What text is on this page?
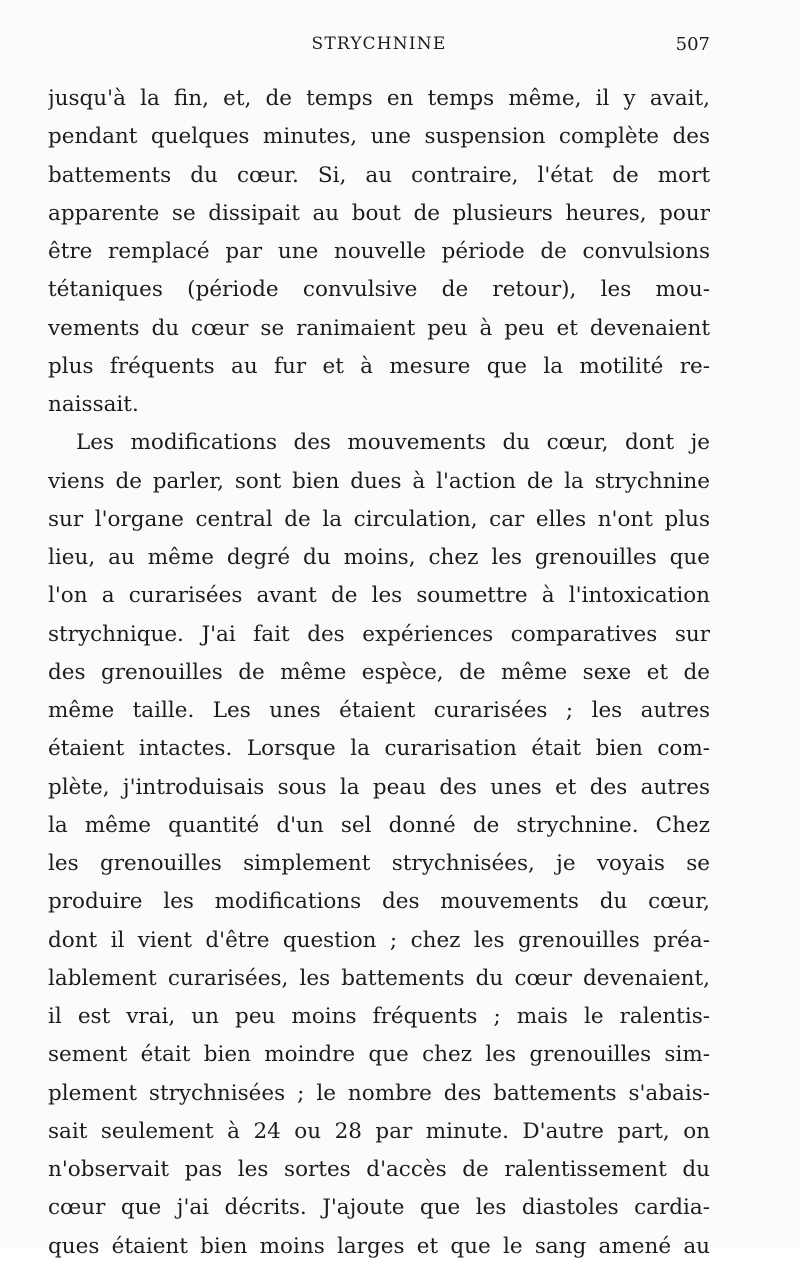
STRYCHNINE	507
jusqu'à la fin, et, de temps en temps même, il y avait,
pendant quelques minutes, une suspension complète des
battements du cœur. Si, au contraire, l'état de mort
apparente se dissipait au bout de plusieurs heures, pour
être remplacé par une nouvelle période de convulsions
tétaniques (période convulsive de retour), les mou-
vements du cœur se ranimaient peu à peu et devenaient
plus fréquents au fur et à mesure que la motilité re-
naissait.
Les modifications des mouvements du cœur, dont je
viens de parler, sont bien dues à l'action de la strychnine
sur l'organe central de la circulation, car elles n'ont plus
lieu, au même degré du moins, chez les grenouilles que
l'on a curarisées avant de les soumettre à l'intoxication
strychnique. J'ai fait des expériences comparatives sur
des grenouilles de même espèce, de même sexe et de
même taille. Les unes étaient curarisées ; les autres
étaient intactes. Lorsque la curarisation était bien com-
plète, j'introduisais sous la peau des unes et des autres
la même quantité d'un sel donné de strychnine. Chez
les grenouilles simplement strychnisées, je voyais se
produire les modifications des mouvements du cœur,
dont il vient d'être question ; chez les grenouilles préa-
lablement curarisées, les battements du cœur devenaient,
il est vrai, un peu moins fréquents ; mais le ralentis-
sement était bien moindre que chez les grenouilles sim-
plement strychnisées ; le nombre des battements s'abais-
sait seulement à 24 ou 28 par minute. D'autre part, on
n'observait pas les sortes d'accès de ralentissement du
cœur que j'ai décrits. J'ajoute que les diastoles cardia-
ques étaient bien moins larges et que le sang amené au
